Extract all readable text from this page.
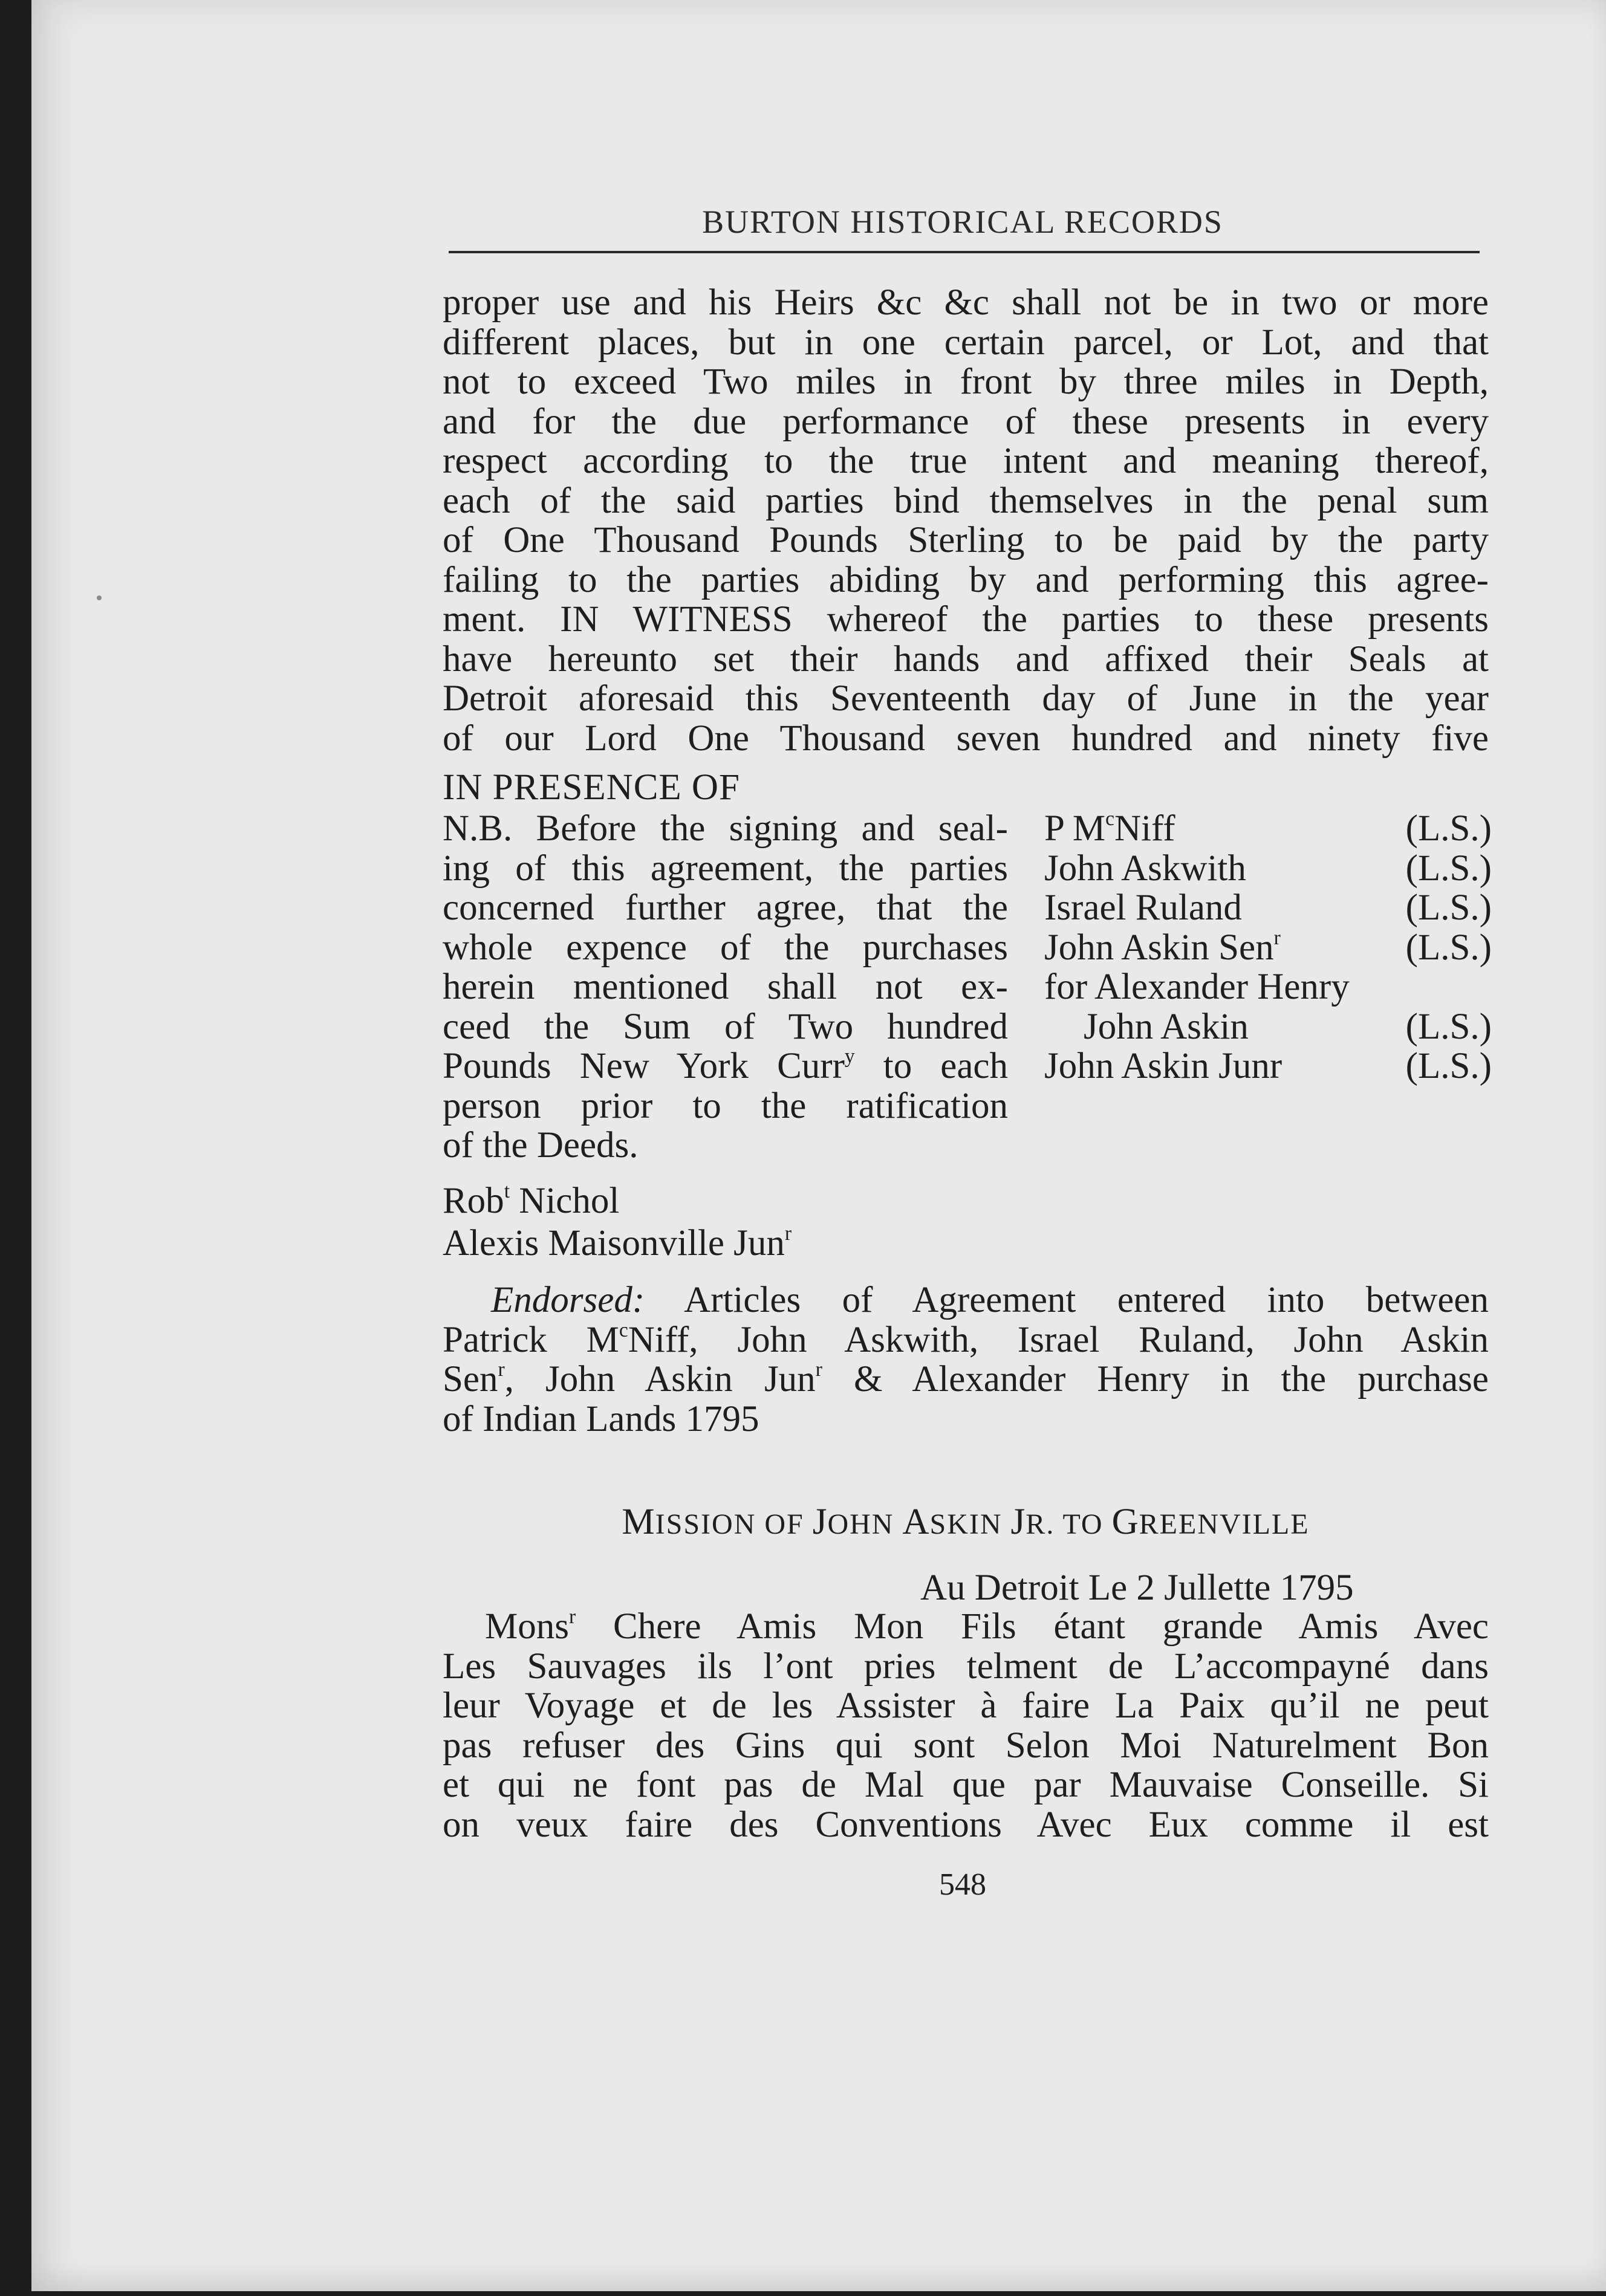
BURTON HISTORICAL RECORDS
proper use and his Heirs &c &c shall not be in two or more
different places, but in one certain parcel, or Lot, and that
not to exceed Two miles in front by three miles in Depth,
and for the due performance of these presents in every
respect according to the true intent and meaning thereof,
each of the said parties bind themselves in the penal sum
of One Thousand Pounds Sterling to be paid by the party
failing to the parties abiding by and performing this agree-
ment. IN WITNESS whereof the parties to these presents
have hereunto set their hands and affixed their Seals at
Detroit aforesaid this Seventeenth day of June in the year
of our Lord One Thousand seven hundred and ninety five
IN PRESENCE OF
N.B. Before the signing and seal-
ing of this agreement, the parties
concerned further agree, that the
whole expence of the purchases
herein mentioned shall not ex-
ceed the Sum of Two hundred
Pounds New York Curr$^y$ to each
person prior to the ratification
of the Deeds.
P $M^cNiff$	(L.S.)
John Askwith	(L.S.)
Israel Ruland	(L.S.)
John Askin Sen$^r$	(L.S.)
for Alexander Henry
John Askin	(L.S.)
John Askin Junr	(L.S.)
Rob$^t$ Nichol
Alexis Maisonville Jun$^r$
Endorsed: Articles of Agreement entered into between
Patrick $M^cNiff$, John Askwith, Israel Ruland, John Askin
Sen$^r$, John Askin Jun$^r$ & Alexander Henry in the purchase
of Indian Lands 1795
MISSION OF JOHN ASKIN JR. TO GREENVILLE
Au Detroit Le 2 Jullette 1795
Mons$^r$ Chere Amis Mon Fils étant grande Amis Avec
Les Sauvages ils l’ont pries telment de L’accompayné dans
leur Voyage et de les Assister à faire La Paix qu’il ne peut
pas refuser des Gins qui sont Selon Moi Naturelment Bon
et qui ne font pas de Mal que par Mauvaise Conseille. Si
on veux faire des Conventions Avec Eux comme il est
548
